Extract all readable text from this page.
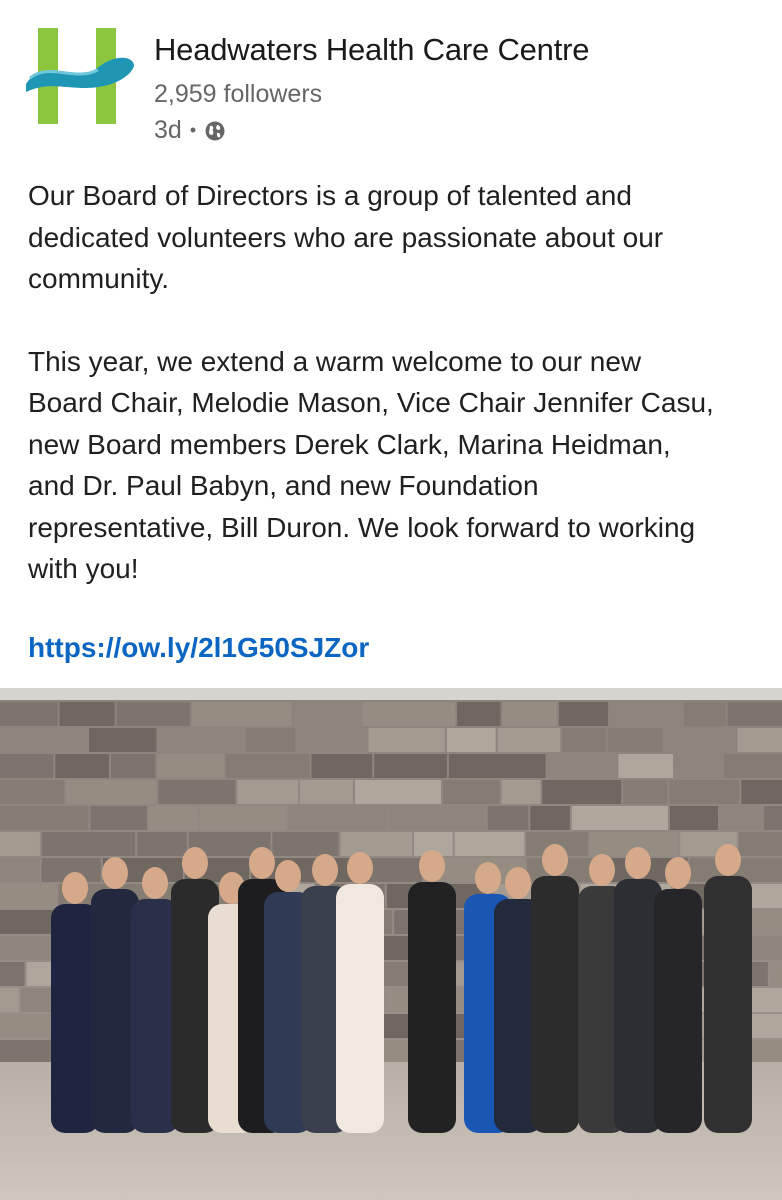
Headwaters Health Care Centre
2,959 followers
3d •

Our Board of Directors is a group of talented and
dedicated volunteers who are passionate about our
community.

This year, we extend a warm welcome to our new
Board Chair, Melodie Mason, Vice Chair Jennifer Casu,
new Board members Derek Clark, Marina Heidman,
and Dr. Paul Babyn, and new Foundation
representative, Bill Duron. We look forward to working
with you!

https://ow.ly/2l1G50SJZor
